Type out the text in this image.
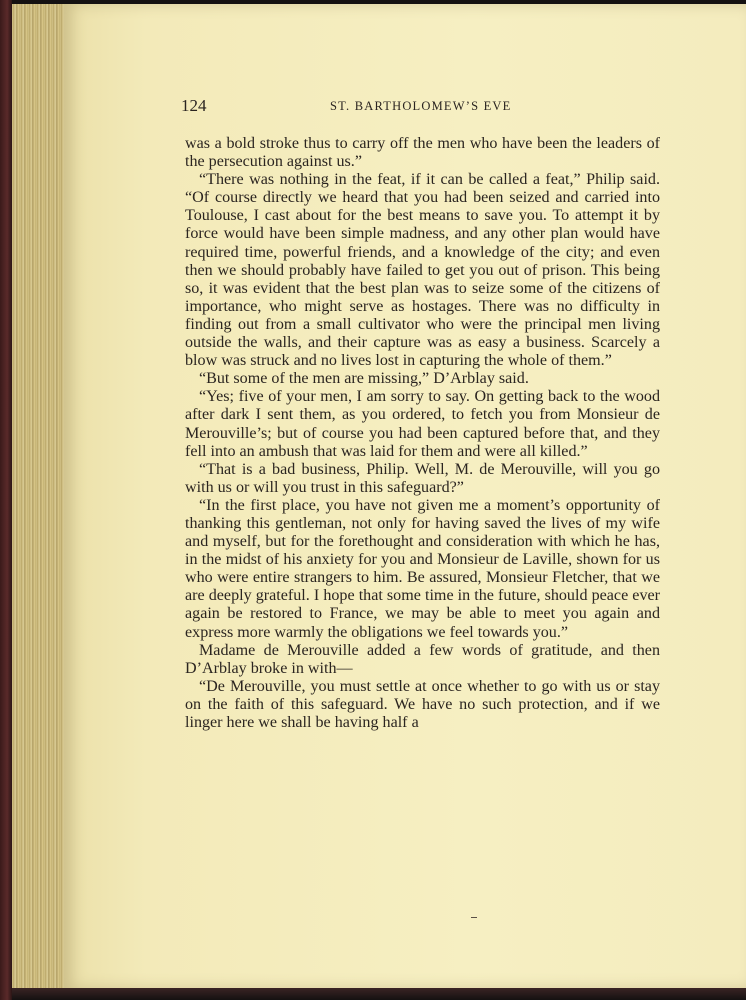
124	ST. BARTHOLOMEW’S EVE

was a bold stroke thus to carry off the men who have been the leaders of the persecution against us.”

“There was nothing in the feat, if it can be called a feat,” Philip said. “Of course directly we heard that you had been seized and carried into Toulouse, I cast about for the best means to save you. To attempt it by force would have been simple madness, and any other plan would have required time, powerful friends, and a knowledge of the city; and even then we should probably have failed to get you out of prison. This being so, it was evident that the best plan was to seize some of the citizens of importance, who might serve as hostages. There was no difficulty in finding out from a small cultivator who were the principal men living outside the walls, and their capture was as easy a business. Scarcely a blow was struck and no lives lost in capturing the whole of them.”

“But some of the men are missing,” D’Arblay said.

“Yes; five of your men, I am sorry to say. On getting back to the wood after dark I sent them, as you ordered, to fetch you from Monsieur de Merouville’s; but of course you had been captured before that, and they fell into an ambush that was laid for them and were all killed.”

“That is a bad business, Philip. Well, M. de Merouville, will you go with us or will you trust in this safeguard?”

“In the first place, you have not given me a moment’s opportunity of thanking this gentleman, not only for having saved the lives of my wife and myself, but for the forethought and consideration with which he has, in the midst of his anxiety for you and Monsieur de Laville, shown for us who were entire strangers to him. Be assured, Monsieur Fletcher, that we are deeply grateful. I hope that some time in the future, should peace ever again be restored to France, we may be able to meet you again and express more warmly the obligations we feel towards you.”

Madame de Merouville added a few words of gratitude, and then D’Arblay broke in with—

“De Merouville, you must settle at once whether to go with us or stay on the faith of this safeguard. We have no such protection, and if we linger here we shall be having half a
